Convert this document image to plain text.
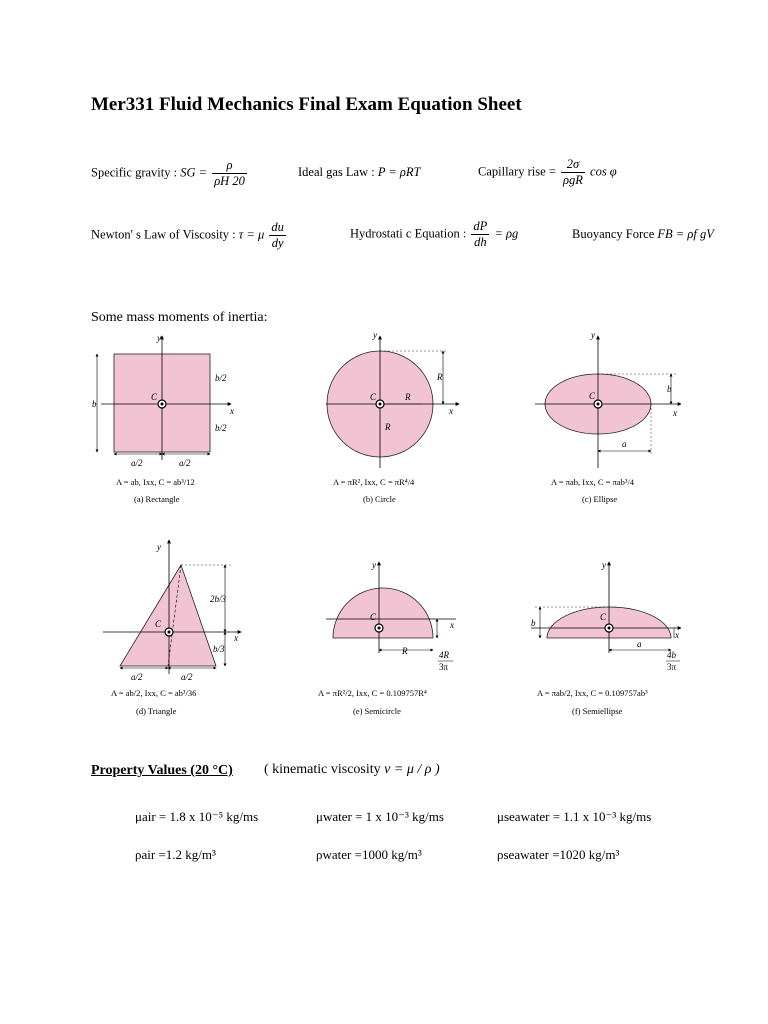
Mer331 Fluid Mechanics Final Exam Equation Sheet
Specific gravity : SG = $\frac{\rho}{\rho H 20}$	Ideal gas Law : P = ρRT	Capillary rise = $\frac{2\sigma}{\text{ρgR}}$ cos φ
Newton' s Law of Viscosity : τ = μ $\frac{du}{dy}$	Hydrostati c Equation : $\frac{dP}{dh} = \rho g$	Buoyancy Force FB = ρf gV
Some mass moments of inertia:
y
x
C
b/2
b/2
b
a/2	a/2
A = ab, Ixx, C = ab³/12
(a) Rectangle
y
x
C	R
R
R
A = πR², Ixx, C = πR⁴/4
(b) Circle
y
x
C
b
a
A = πab, Ixx, C = πab³/4
(c) Ellipse
y
x
C
2b/3
b/3
a/2	a/2
A = ab/2, Ixx, C = ab³/36
(d) Triangle
y
x
C
R	4R
3π
A = πR²/2, Ixx, C = 0.109757R⁴
(e) Semicircle
y
x
C
b
a
4b
3π
A = πab/2, Ixx, C = 0.109757ab³
(f) Semiellipse
Property Values (20 °C) ( kinematic viscosity ν = μ / ρ )
μair = 1.8 x 10⁻⁵ kg/ms	μwater = 1 x 10⁻³ kg/ms	μseawater = 1.1 x 10⁻³ kg/ms
ρair =1.2 kg/m³	ρwater =1000 kg/m³	ρseawater =1020 kg/m³
